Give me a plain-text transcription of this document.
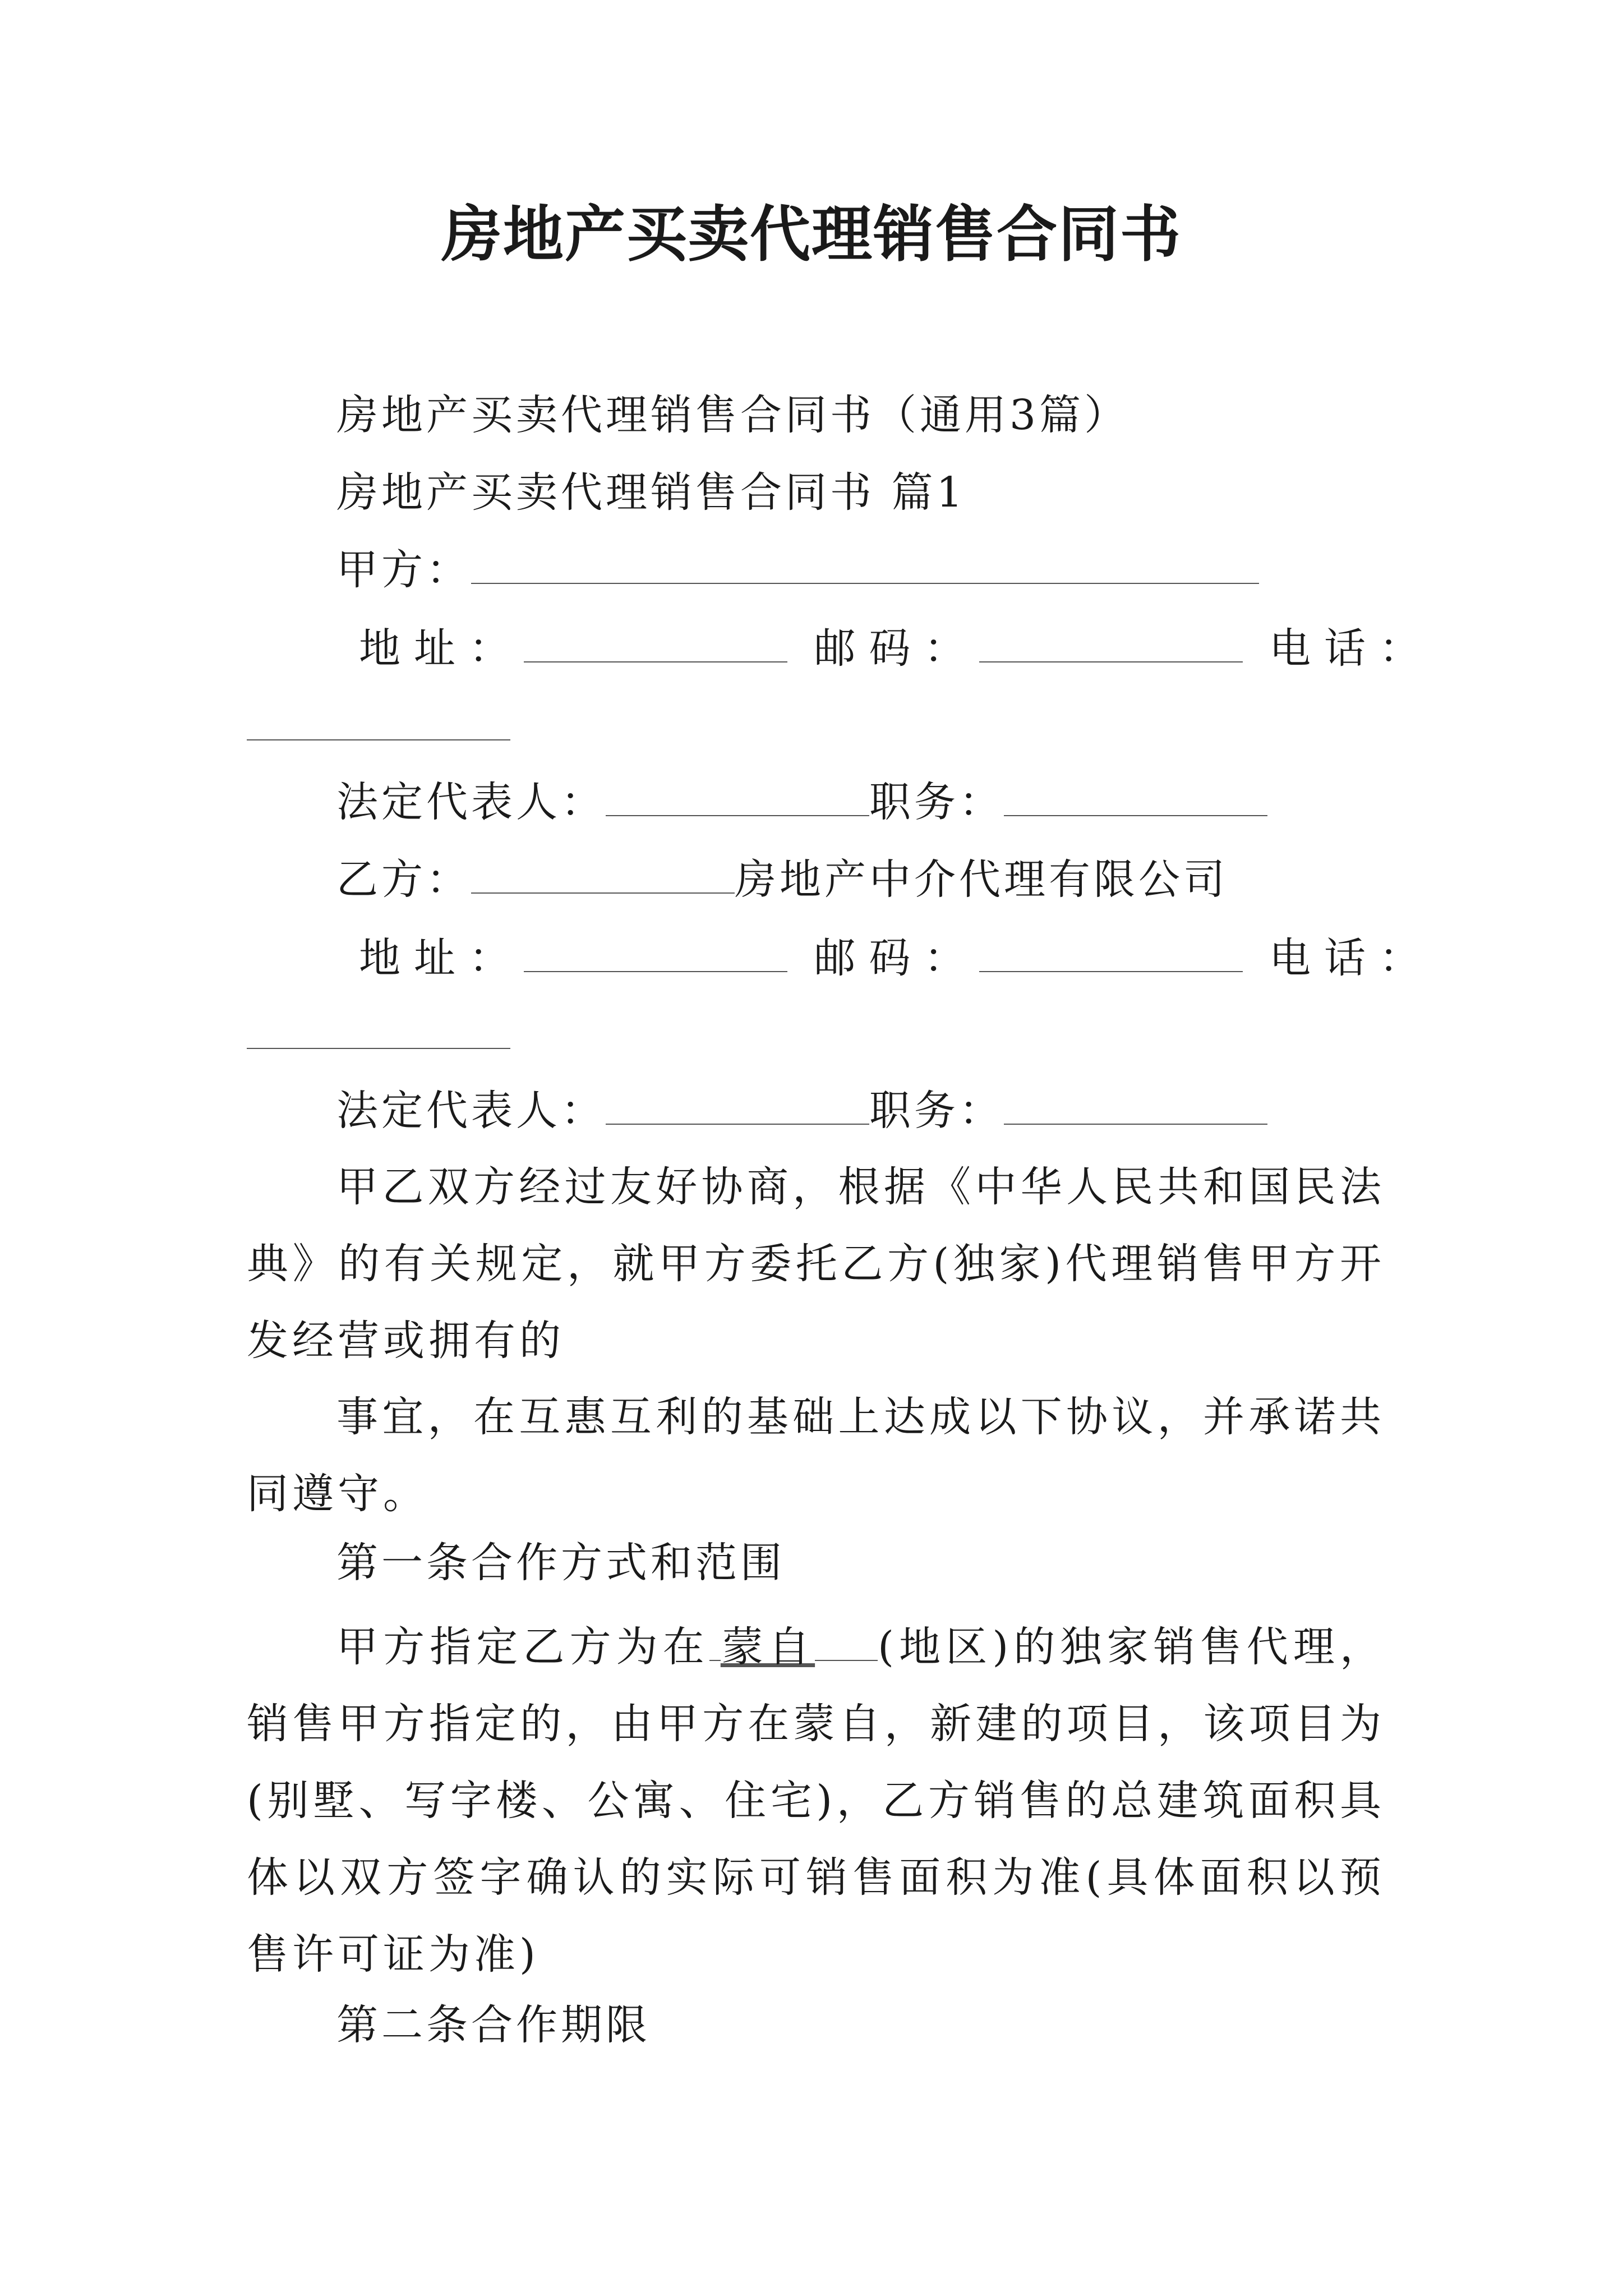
房地产买卖代理销售合同书
房地产买卖代理销售合同书（通用3篇）
房地产买卖代理销售合同书 篇1
甲方：
地址：	邮码：	电话：
法定代表人：	职务：
乙方：	房地产中介代理有限公司
地址：	邮码：	电话：
法定代表人：	职务：
甲乙双方经过友好协商，根据《中华人民共和国民法典》的有关规定，就甲方委托乙方(独家)代理销售甲方开发经营或拥有的
事宜，在互惠互利的基础上达成以下协议，并承诺共同遵守。
第一条合作方式和范围
甲方指定乙方为在 蒙自 (地区)的独家销售代理，销售甲方指定的，由甲方在蒙自，新建的项目，该项目为(别墅、写字楼、公寓、住宅)，乙方销售的总建筑面积具体以双方签字确认的实际可销售面积为准(具体面积以预售许可证为准)
第二条合作期限
